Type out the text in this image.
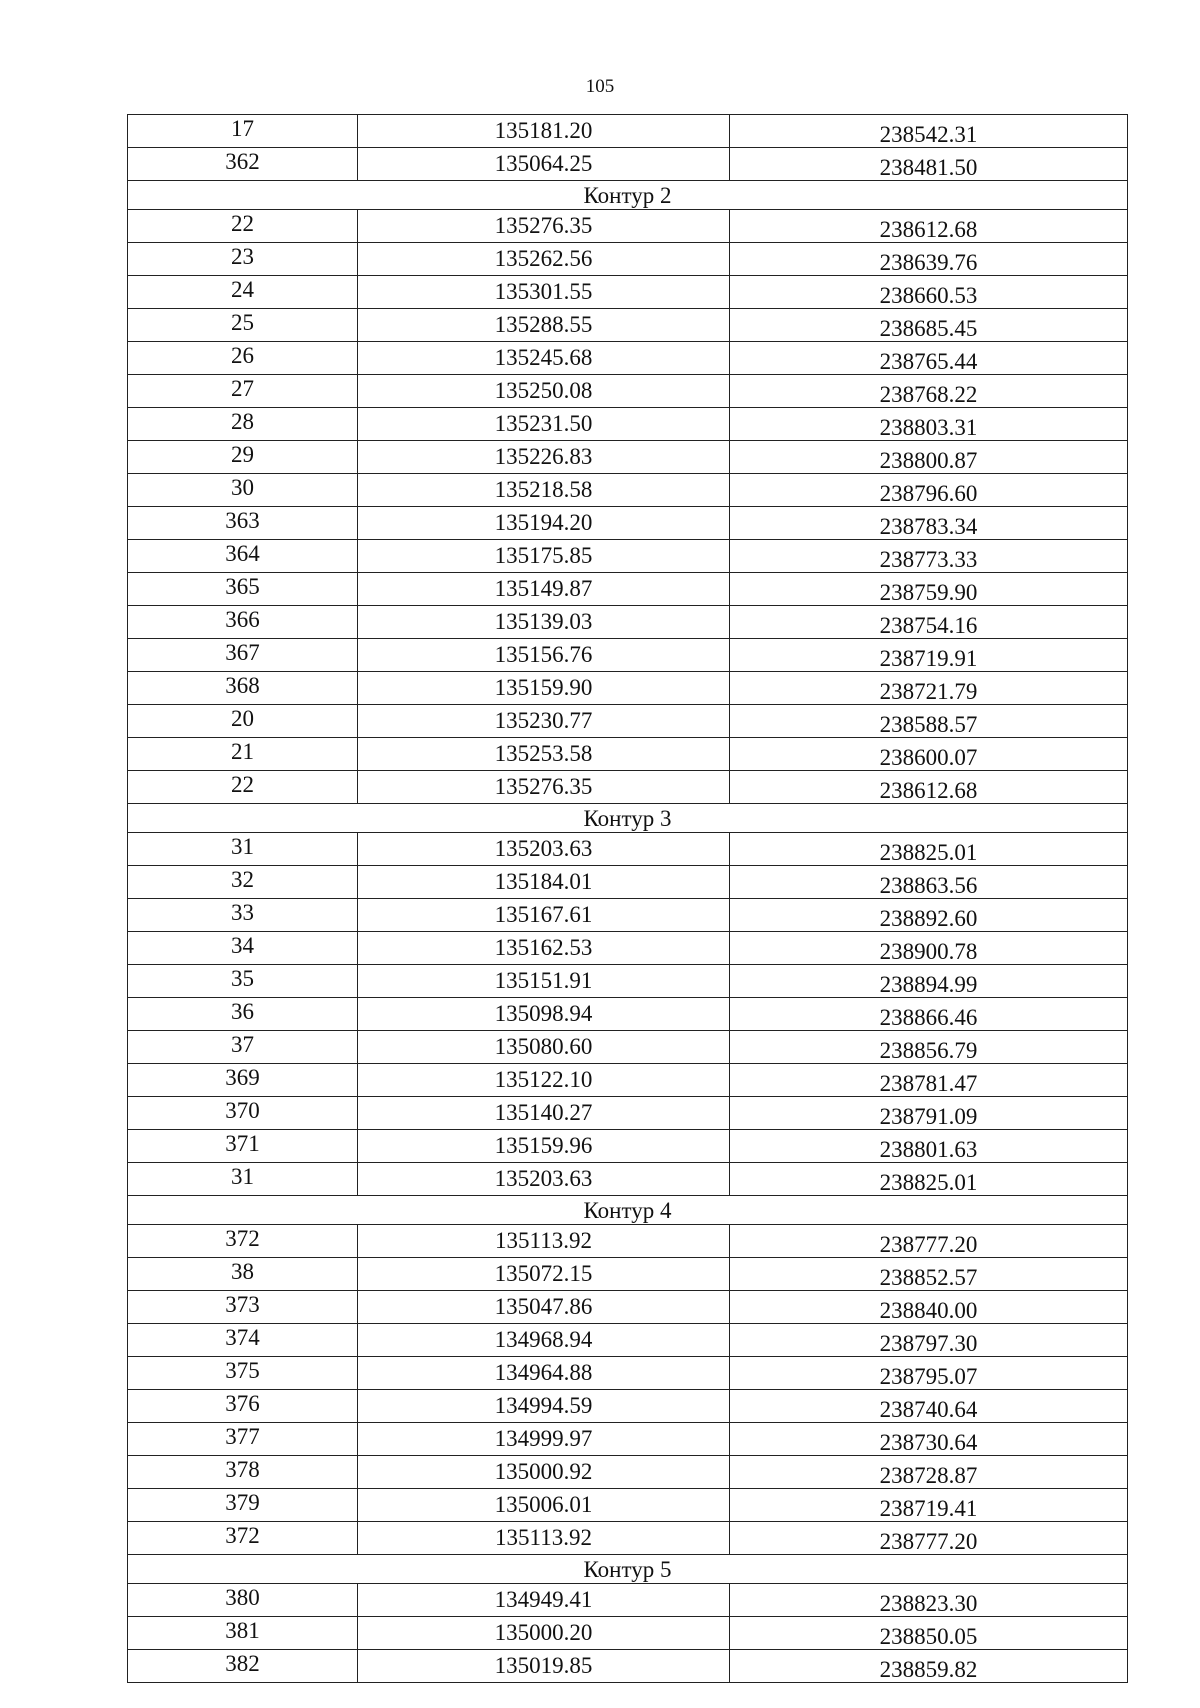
105
17	135181.20	238542.31
362	135064.25	238481.50
Контур 2		
22	135276.35	238612.68
23	135262.56	238639.76
24	135301.55	238660.53
25	135288.55	238685.45
26	135245.68	238765.44
27	135250.08	238768.22
28	135231.50	238803.31
29	135226.83	238800.87
30	135218.58	238796.60
363	135194.20	238783.34
364	135175.85	238773.33
365	135149.87	238759.90
366	135139.03	238754.16
367	135156.76	238719.91
368	135159.90	238721.79
20	135230.77	238588.57
21	135253.58	238600.07
22	135276.35	238612.68
Контур 3		
31	135203.63	238825.01
32	135184.01	238863.56
33	135167.61	238892.60
34	135162.53	238900.78
35	135151.91	238894.99
36	135098.94	238866.46
37	135080.60	238856.79
369	135122.10	238781.47
370	135140.27	238791.09
371	135159.96	238801.63
31	135203.63	238825.01
Контур 4		
372	135113.92	238777.20
38	135072.15	238852.57
373	135047.86	238840.00
374	134968.94	238797.30
375	134964.88	238795.07
376	134994.59	238740.64
377	134999.97	238730.64
378	135000.92	238728.87
379	135006.01	238719.41
372	135113.92	238777.20
Контур 5		
380	134949.41	238823.30
381	135000.20	238850.05
382	135019.85	238859.82
